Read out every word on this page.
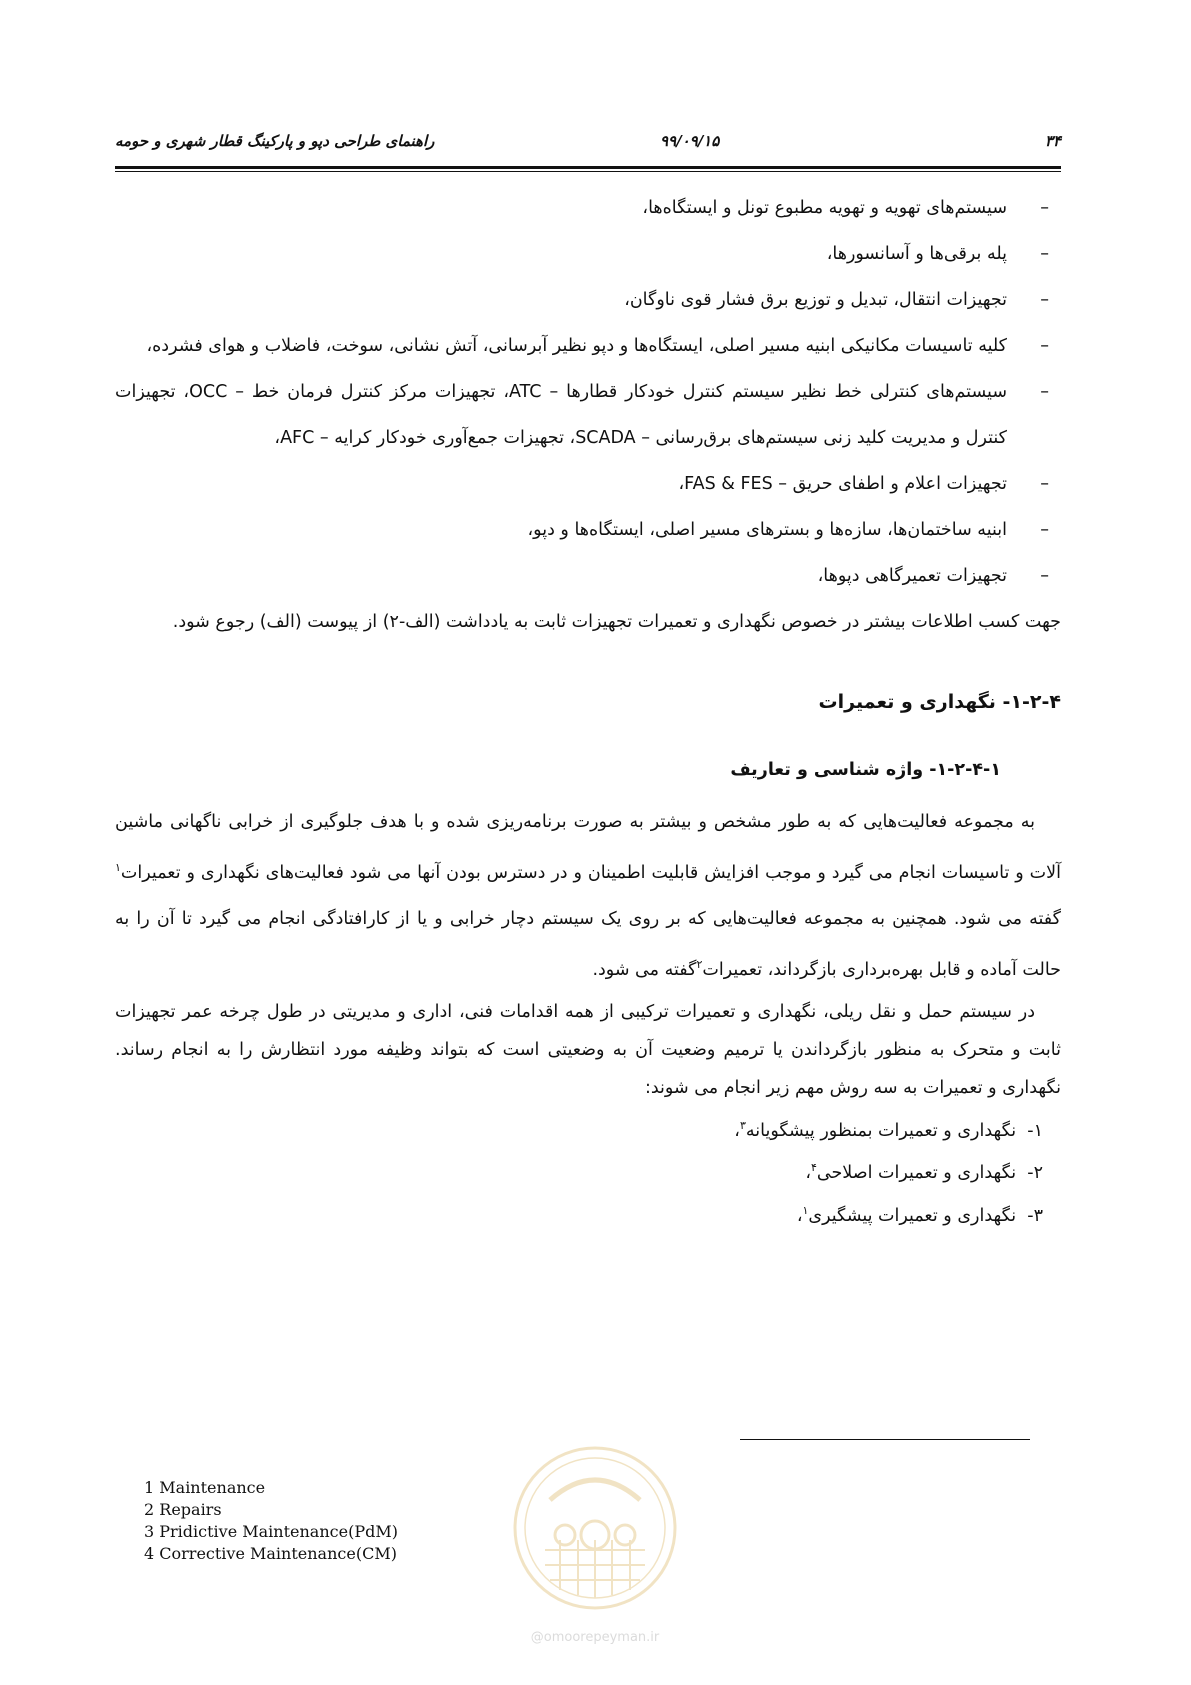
۳۴
۹۹/۰۹/۱۵
راهنمای طراحی دپو و پارکینگ قطار شهری و حومه
–
سیستم‌های تهویه و تهویه مطبوع تونل و ایستگاه‌ها،
–
پله برقی‌ها و آسانسورها،
–
تجهیزات انتقال، تبدیل و توزیع برق فشار قوی ناوگان،
–
کلیه تاسیسات مکانیکی ابنیه مسیر اصلی، ایستگاه‌ها و دپو نظیر آبرسانی، آتش نشانی، سوخت، فاضلاب و هوای فشرده،
–
سیستم‌های کنترلی خط نظیر سیستم کنترل خودکار قطارها – ATC، تجهیزات مرکز کنترل فرمان خط – OCC، تجهیزات کنترل و مدیریت کلید زنی سیستم‌های برق‌رسانی – SCADA، تجهیزات جمع‌آوری خودکار کرایه – AFC،
–
تجهیزات اعلام و اطفای حریق – FAS & FES،
–
ابنیه ساختمان‌ها، سازه‌ها و بسترهای مسیر اصلی، ایستگاه‌ها و دپو،
–
تجهیزات تعمیرگاهی دپوها،

جهت کسب اطلاعات بیشتر در خصوص نگهداری و تعمیرات تجهیزات ثابت به یادداشت (الف-۲) از پیوست (الف) رجوع شود.

۱-۲-۴- نگهداری و تعمیرات
۱-۲-۴-۱- واژه شناسی و تعاریف

به مجموعه فعالیت‌هایی که به طور مشخص و بیشتر به صورت برنامه‌ریزی شده و با هدف جلوگیری از خرابی ناگهانی ماشین آلات و تاسیسات انجام می گیرد و موجب افزایش قابلیت اطمینان و در دسترس بودن آنها می شود فعالیت‌های نگهداری و تعمیرات$^۱$ گفته می شود. همچنین به مجموعه فعالیت‌هایی که بر روی یک سیستم دچار خرابی و یا از کارافتادگی انجام می گیرد تا آن را به حالت آماده و قابل بهره‌برداری بازگرداند، تعمیرات$^۲$گفته می شود.

در سیستم حمل و نقل ریلی، نگهداری و تعمیرات ترکیبی از همه اقدامات فنی، اداری و مدیریتی در طول چرخه عمر تجهیزات ثابت و متحرک به منظور بازگرداندن یا ترمیم وضعیت آن به وضعیتی است که بتواند وظیفه مورد انتظارش را به انجام رساند. نگهداری و تعمیرات به سه روش مهم زیر انجام می شوند:

۱-  نگهداری و تعمیرات بمنظور پیشگویانه$^۳$،
۲-  نگهداری و تعمیرات اصلاحی$^۴$،
۳-  نگهداری و تعمیرات پیشگیری$^۱$،
1 Maintenance
2 Repairs
3 Pridictive Maintenance(PdM)
4 Corrective Maintenance(CM)
@omoorepeyman.ir
